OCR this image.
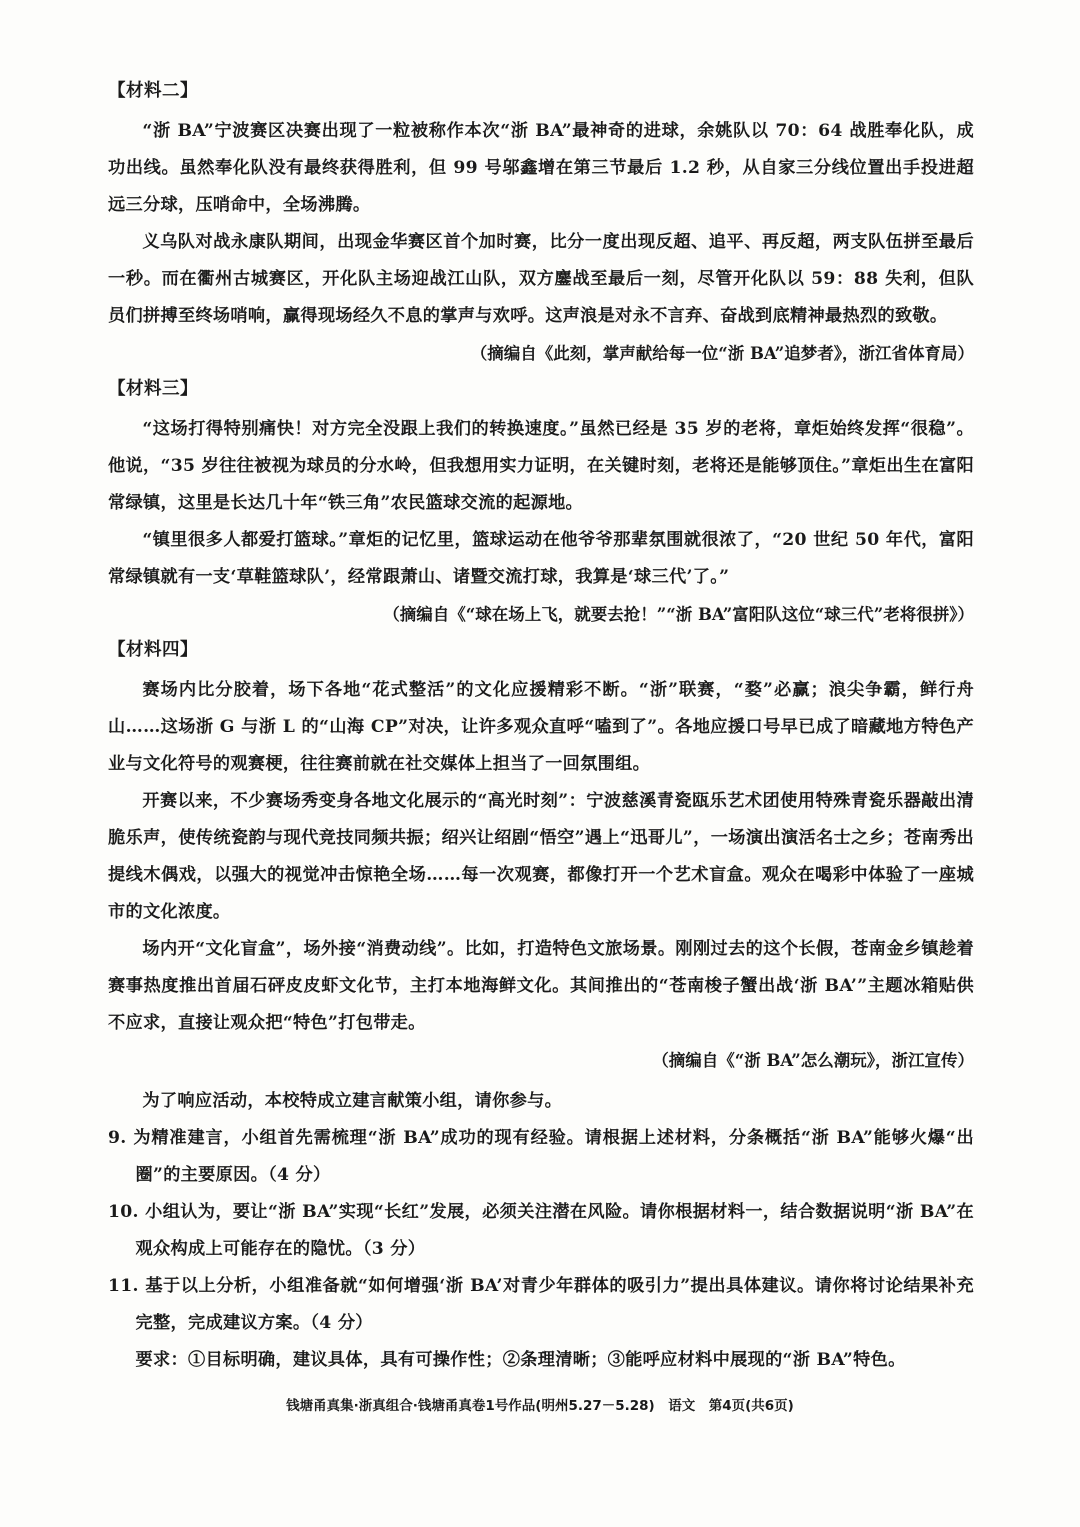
【材料二】

“浙 BA”宁波赛区决赛出现了一粒被称作本次“浙 BA”最神奇的进球，余姚队以 70：64 战胜奉化队，成功出线。虽然奉化队没有最终获得胜利，但 99 号邬鑫增在第三节最后 1.2 秒，从自家三分线位置出手投进超远三分球，压哨命中，全场沸腾。

义乌队对战永康队期间，出现金华赛区首个加时赛，比分一度出现反超、追平、再反超，两支队伍拼至最后一秒。而在衢州古城赛区，开化队主场迎战江山队，双方鏖战至最后一刻，尽管开化队以 59：88 失利，但队员们拼搏至终场哨响，赢得现场经久不息的掌声与欢呼。这声浪是对永不言弃、奋战到底精神最热烈的致敬。

（摘编自《此刻，掌声献给每一位“浙 BA”追梦者》，浙江省体育局）

【材料三】

“这场打得特别痛快！对方完全没跟上我们的转换速度。”虽然已经是 35 岁的老将，章炬始终发挥“很稳”。他说，“35 岁往往被视为球员的分水岭，但我想用实力证明，在关键时刻，老将还是能够顶住。”章炬出生在富阳常绿镇，这里是长达几十年“铁三角”农民篮球交流的起源地。

“镇里很多人都爱打篮球。”章炬的记忆里，篮球运动在他爷爷那辈氛围就很浓了，“20 世纪 50 年代，富阳常绿镇就有一支‘草鞋篮球队’，经常跟萧山、诸暨交流打球，我算是‘球三代’了。”

（摘编自《“球在场上飞，就要去抢！”“浙 BA”富阳队这位“球三代”老将很拼》）

【材料四】

赛场内比分胶着，场下各地“花式整活”的文化应援精彩不断。“浙”联赛，“婺”必赢；浪尖争霸，鲜行舟山……这场浙 G 与浙 L 的“山海 CP”对决，让许多观众直呼“嗑到了”。各地应援口号早已成了暗藏地方特色产业与文化符号的观赛梗，往往赛前就在社交媒体上担当了一回氛围组。

开赛以来，不少赛场秀变身各地文化展示的“高光时刻”：宁波慈溪青瓷瓯乐艺术团使用特殊青瓷乐器敲出清脆乐声，使传统瓷韵与现代竞技同频共振；绍兴让绍剧“悟空”遇上“迅哥儿”，一场演出演活名士之乡；苍南秀出提线木偶戏，以强大的视觉冲击惊艳全场……每一次观赛，都像打开一个艺术盲盒。观众在喝彩中体验了一座城市的文化浓度。

场内开“文化盲盒”，场外接“消费动线”。比如，打造特色文旅场景。刚刚过去的这个长假，苍南金乡镇趁着赛事热度推出首届石砰皮皮虾文化节，主打本地海鲜文化。其间推出的“苍南梭子蟹出战‘浙 BA’”主题冰箱贴供不应求，直接让观众把“特色”打包带走。

（摘编自《“浙 BA”怎么潮玩》，浙江宣传）

为了响应活动，本校特成立建言献策小组，请你参与。

9. 为精准建言，小组首先需梳理“浙 BA”成功的现有经验。请根据上述材料，分条概括“浙 BA”能够火爆“出圈”的主要原因。（4 分）

10. 小组认为，要让“浙 BA”实现“长红”发展，必须关注潜在风险。请你根据材料一，结合数据说明“浙 BA”在观众构成上可能存在的隐忧。（3 分）

11. 基于以上分析，小组准备就“如何增强‘浙 BA’对青少年群体的吸引力”提出具体建议。请你将讨论结果补充完整，完成建议方案。（4 分）

要求：①目标明确，建议具体，具有可操作性；②条理清晰；③能呼应材料中展现的“浙 BA”特色。

钱塘甬真集·浙真组合·钱塘甬真卷1号作品(明州5.27－5.28)　语文　第4页(共6页)
